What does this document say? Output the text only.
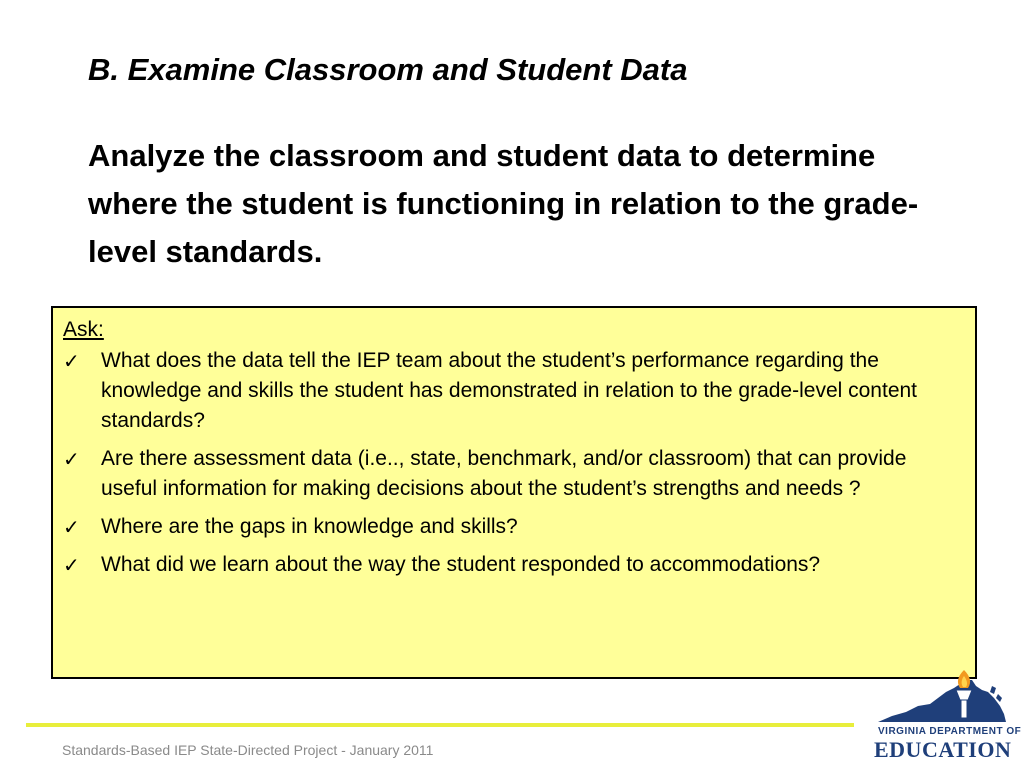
B. Examine Classroom and Student Data
Analyze the classroom and student data to determine where the student is functioning in relation to the grade-level standards.
Ask:
✓ What does the data tell the IEP team about the student’s performance regarding the knowledge and skills the student has demonstrated in relation to the grade-level content standards?
✓ Are there assessment data (i.e.., state, benchmark, and/or classroom) that can provide useful information for making decisions about the student’s strengths and needs ?
✓ Where are the gaps in knowledge and skills?
✓ What did we learn about the way the student responded to accommodations?
Standards-Based IEP State-Directed Project - January 2011
VIRGINIA DEPARTMENT OF
EDUCATION
